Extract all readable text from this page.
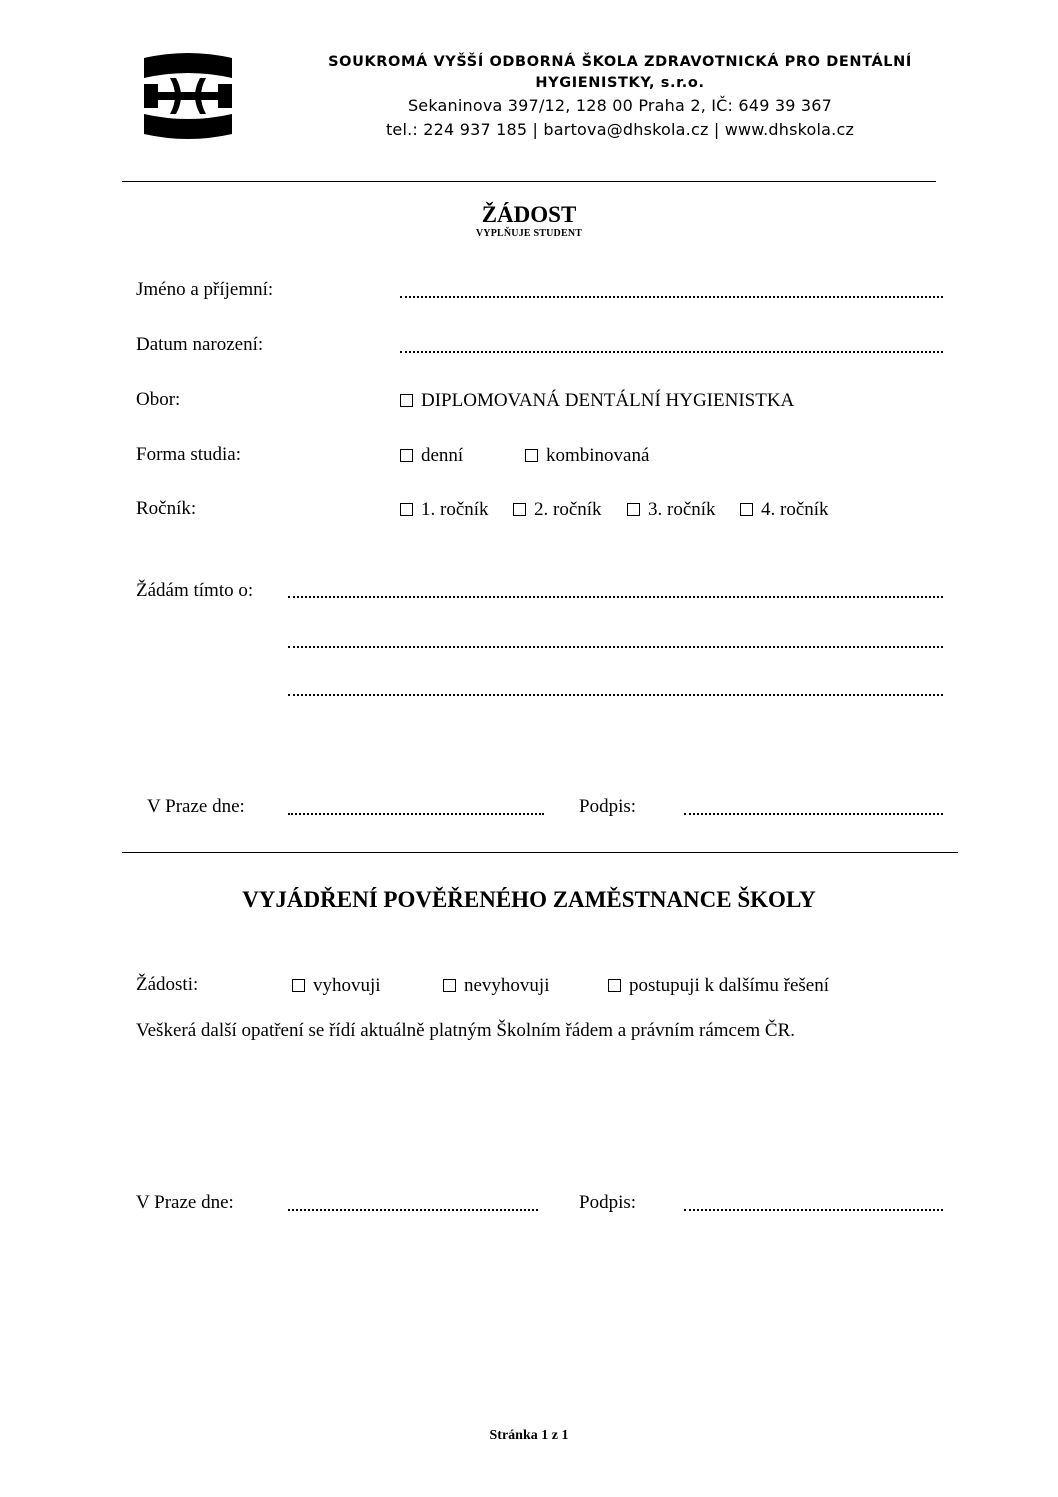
SOUKROMÁ VYŠŠÍ ODBORNÁ ŠKOLA ZDRAVOTNICKÁ PRO DENTÁLNÍ
HYGIENISTKY, s.r.o.
Sekaninova 397/12, 128 00 Praha 2, IČ: 649 39 367
tel.: 224 937 185 | bartova@dhskola.cz | www.dhskola.cz
ŽÁDOST
VYPLŇUJE STUDENT
Jméno a příjemní:
Datum narození:
Obor:	DIPLOMOVANÁ DENTÁLNÍ HYGIENISTKA
Forma studia:	denní	kombinovaná
Ročník:	1. ročník 2. ročník 3. ročník 4. ročník
Žádám tímto o:
V Praze dne:	Podpis:
VYJÁDŘENÍ POVĚŘENÉHO ZAMĚSTNANCE ŠKOLY
Žádosti:	vyhovuji	nevyhovuji	postupuji k dalšímu řešení
Veškerá další opatření se řídí aktuálně platným Školním řádem a právním rámcem ČR.
V Praze dne:	Podpis:
Stránka 1 z 1
